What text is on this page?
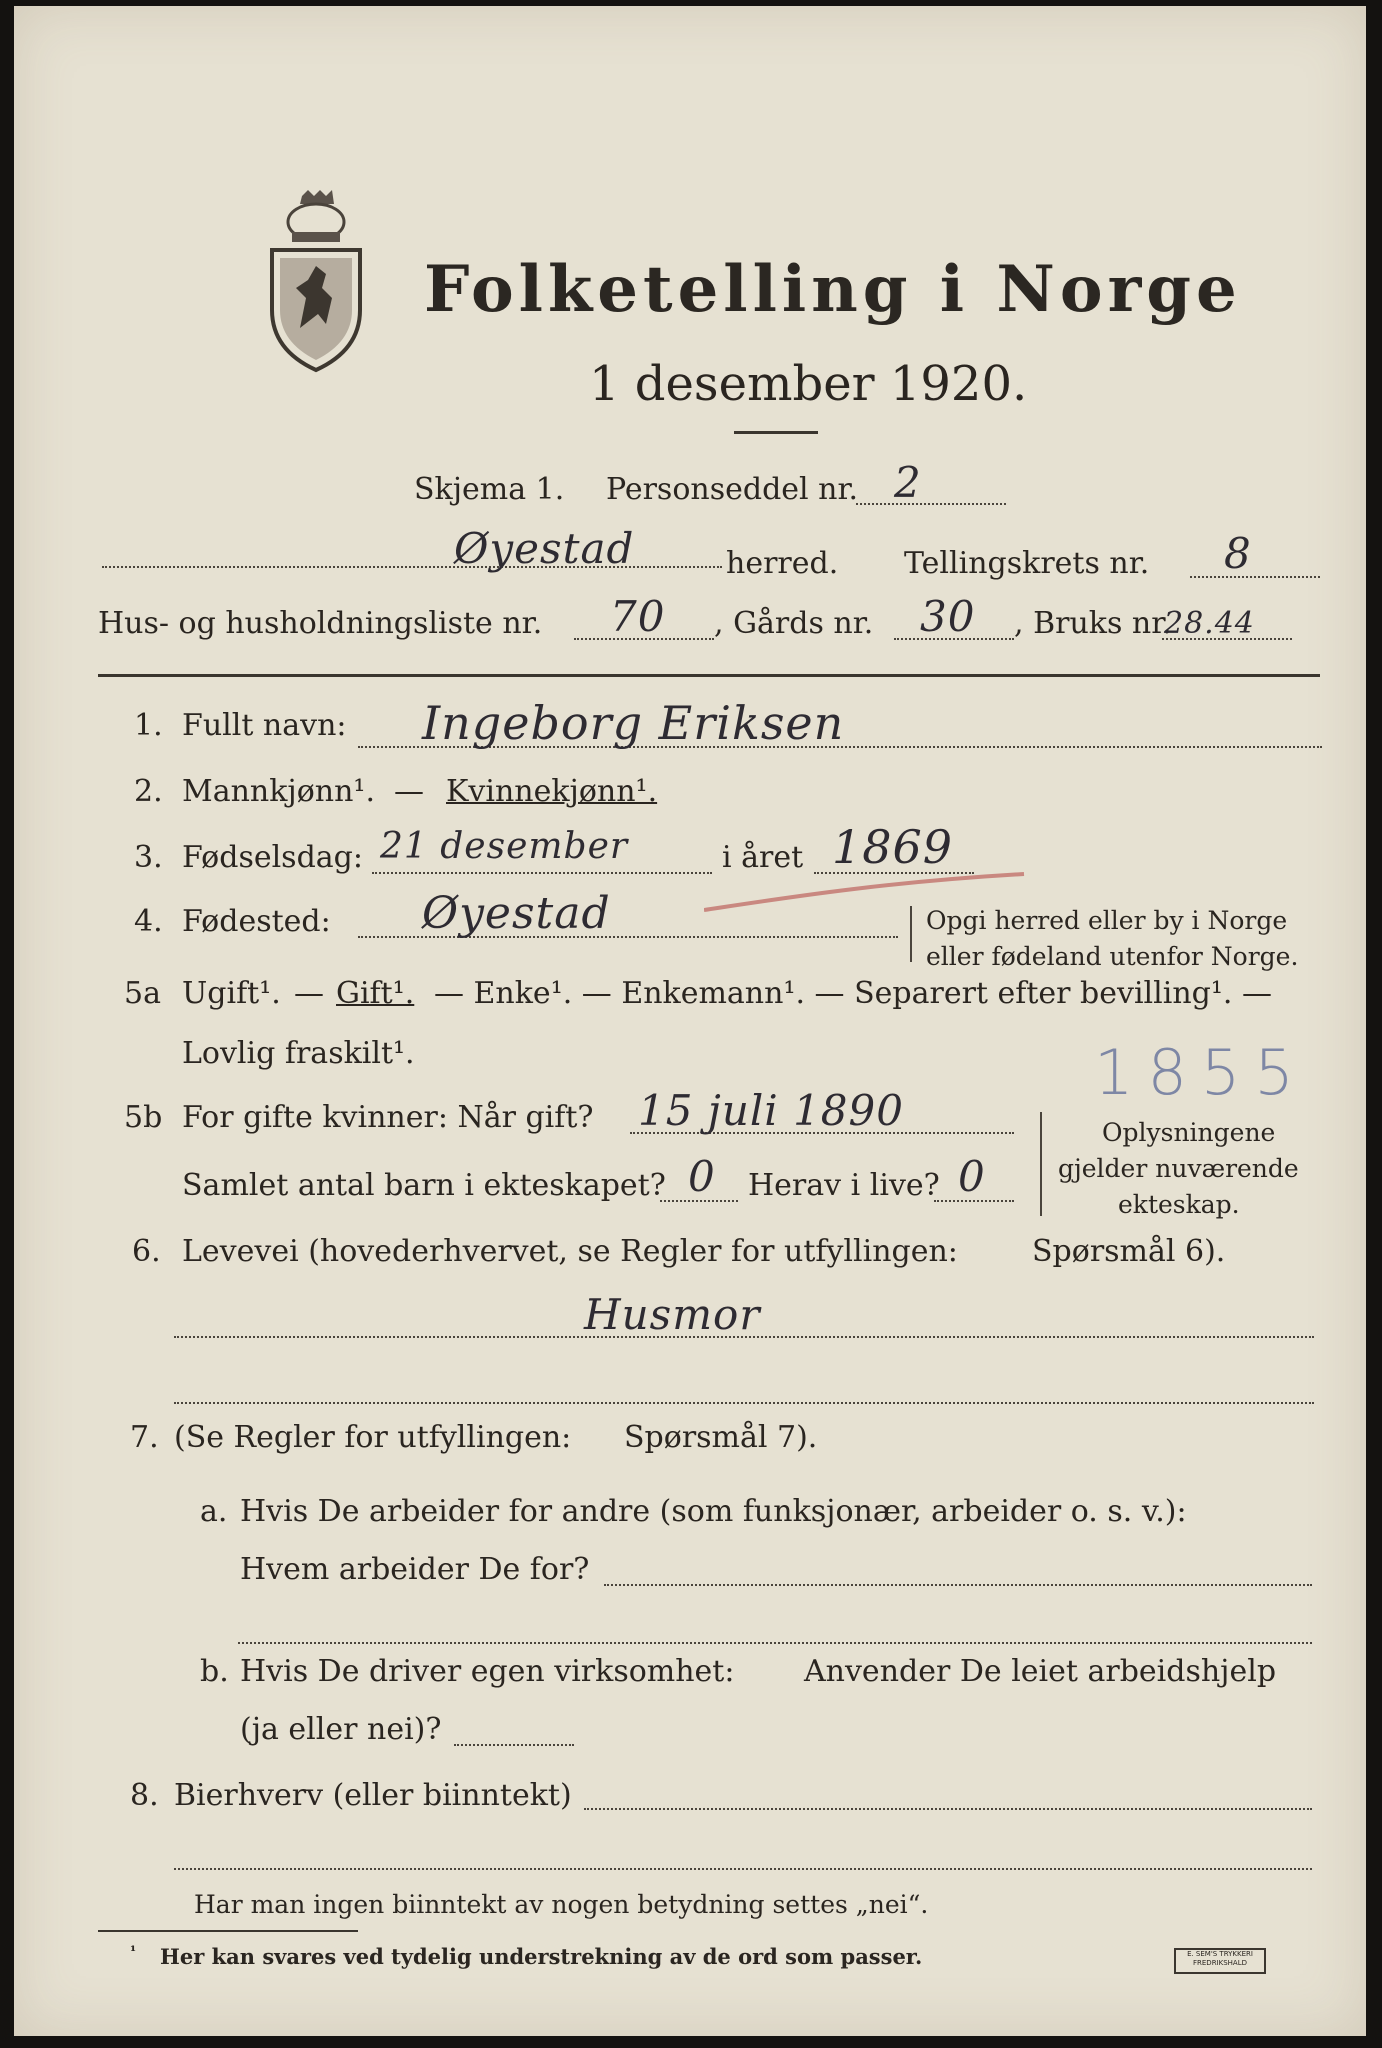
Folketelling i Norge
1 desember 1920.
Skjema 1. Personseddel nr. 2
Øyestad	herred. Tellingskrets nr. 8
Hus- og husholdningsliste nr. 70 , Gårds nr. 30 , Bruks nr.
28.44
1. Fullt navn: Ingeborg Eriksen
2. Mannkjønn¹. — Kvinnekjønn¹.
3. Fødselsdag: 21 desember	i året 1869
4. Fødested: Øyestad	Opgi herred eller by i Norge
eller fødeland utenfor Norge.
5a Ugift¹. — Gift¹. — Enke¹. — Enkemann¹. — Separert efter bevilling¹. —
Lovlig fraskilt¹.	1855
5b For gifte kvinner: Når gift? 15 juli 1890
Samlet antal barn i ekteskapet? 0 Herav i live? 0
Oplysningene
gjelder nuværende
ekteskap.
6. Levevei (hovederhvervet, se Regler for utfyllingen: Spørsmål 6).
Husmor
7. (Se Regler for utfyllingen: Spørsmål 7).
a. Hvis De arbeider for andre (som funksjonær, arbeider o. s. v.):
Hvem arbeider De for?
b. Hvis De driver egen virksomhet: Anvender De leiet arbeidshjelp
(ja eller nei)?
8. Bierhverv (eller biinntekt)
Har man ingen biinntekt av nogen betydning settes „nei“.
¹ Her kan svares ved tydelig understrekning av de ord som passer.	E. SEM'S TRYKKERI
FREDRIKSHALD
